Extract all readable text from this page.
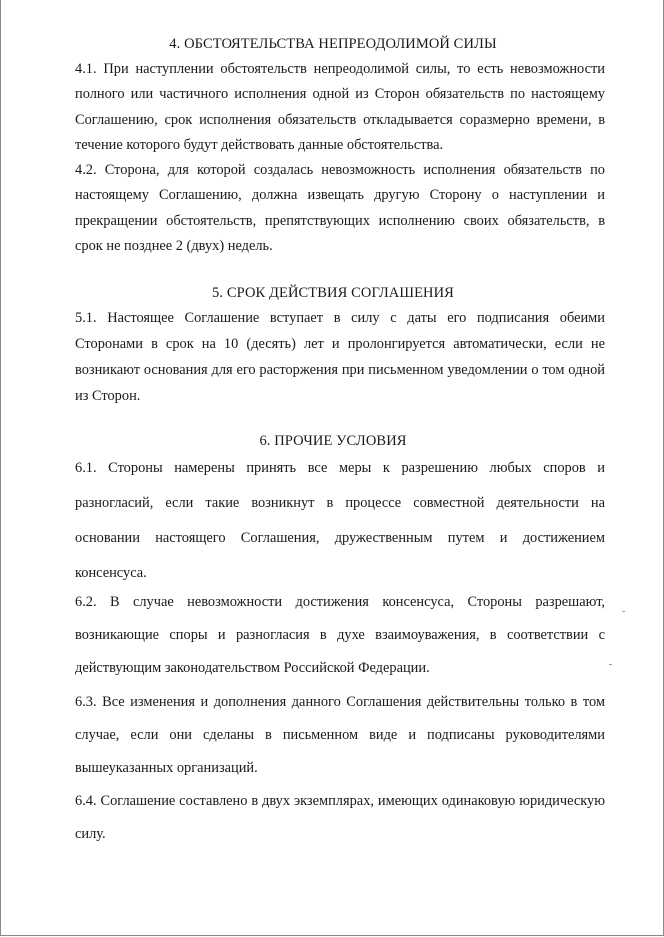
4. ОБСТОЯТЕЛЬСТВА НЕПРЕОДОЛИМОЙ СИЛЫ

4.1. При наступлении обстоятельств непреодолимой силы, то есть невозможности полного или частичного исполнения одной из Сторон обязательств по настоящему Соглашению, срок исполнения обязательств откладывается соразмерно времени, в течение которого будут действовать данные обстоятельства.

4.2. Сторона, для которой создалась невозможность исполнения обязательств по настоящему Соглашению, должна извещать другую Сторону о наступлении и прекращении обстоятельств, препятствующих исполнению своих обязательств, в срок не позднее 2 (двух) недель.

5. СРОК ДЕЙСТВИЯ СОГЛАШЕНИЯ

5.1. Настоящее Соглашение вступает в силу с даты его подписания обеими Сторонами в срок на 10 (десять) лет и пролонгируется автоматически, если не возникают основания для его расторжения при письменном уведомлении о том одной из Сторон.

6. ПРОЧИЕ УСЛОВИЯ

6.1. Стороны намерены принять все меры к разрешению любых споров и разногласий, если такие возникнут в процессе совместной деятельности на основании настоящего Соглашения, дружественным путем и достижением консенсуса.

6.2. В случае невозможности достижения консенсуса, Стороны разрешают, возникающие споры и разногласия в духе взаимоуважения, в соответствии с действующим законодательством Российской Федерации.

6.3. Все изменения и дополнения данного Соглашения действительны только в том случае, если они сделаны в письменном виде и подписаны руководителями вышеуказанных организаций.

6.4. Соглашение составлено в двух экземплярах, имеющих одинаковую юридическую силу.
